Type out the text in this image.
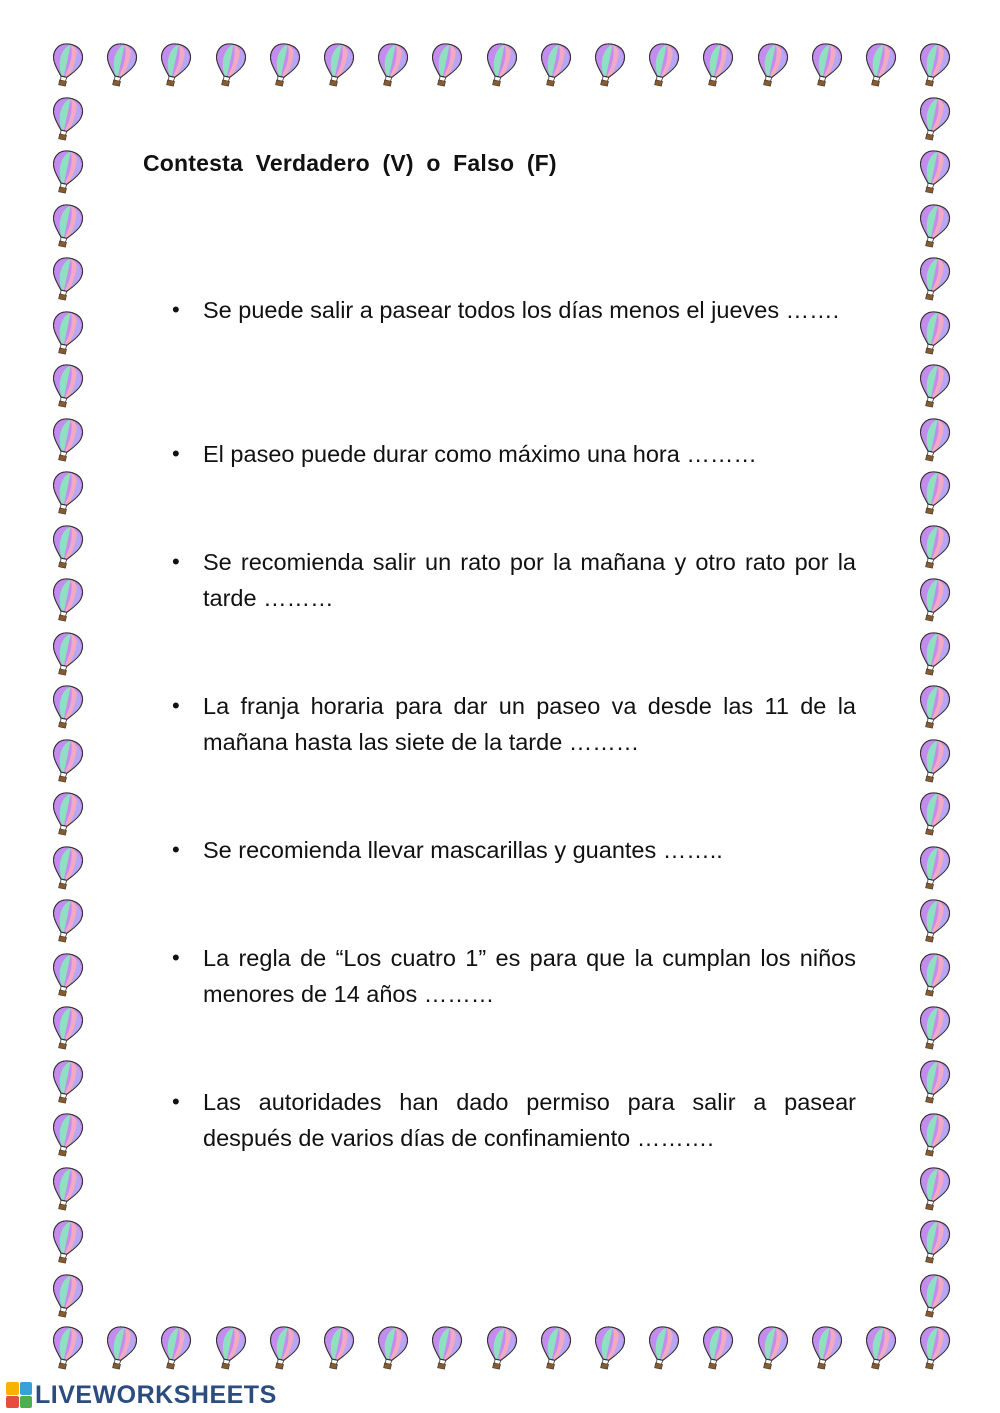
Contesta Verdadero (V) o Falso (F)
• Se puede salir a pasear todos los días menos el jueves …….
• El paseo puede durar como máximo una hora ………
• Se recomienda salir un rato por la mañana y otro rato por la tarde ………
• La franja horaria para dar un paseo va desde las 11 de la mañana hasta las siete de la tarde ………
• Se recomienda llevar mascarillas y guantes ……..
• La regla de “Los cuatro 1” es para que la cumplan los niños menores de 14 años ………
• Las autoridades han dado permiso para salir a pasear después de varios días de confinamiento ……….
LIVEWORKSHEETS
